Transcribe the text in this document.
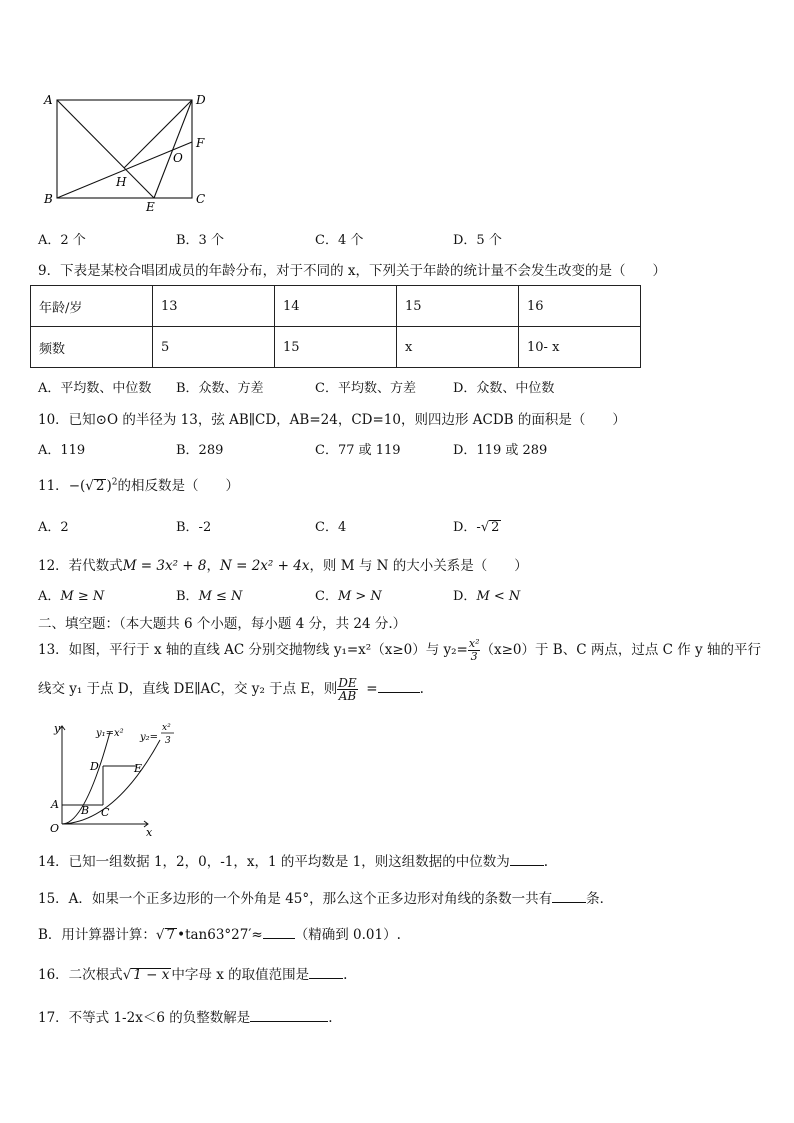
A	D
F
O
H
B	C
E
A．2 个	B．3 个	C．4 个	D．5 个
9．下表是某校合唱团成员的年龄分布，对于不同的 x，下列关于年龄的统计量不会发生改变的是（　　）
年龄/岁	13	14	15	16
频数	5	15	x	10- x
A．平均数、中位数 B．众数、方差	C．平均数、方差	D．众数、中位数
10．已知⊙O 的半径为 13，弦 AB∥CD，AB=24，CD=10，则四边形 ACDB 的面积是（　　）
A．119	B．289	C．77 或 119	D．119 或 289
11．−(√ 2 )$^2$的相反数是（　　）
A．2	B．-2	C．4	D．-√ 2
12．若代数式M = 3x² + 8，N = 2x² + 4x，则 M 与 N 的大小关系是（　　）
A．M ≥ N	B．M ≤ N	C．M > N	D．M < N
二、填空题：（本大题共 6 个小题，每小题 4 分，共 24 分.）
13．如图，平行于 x 轴的直线 AC 分别交抛物线 y₁=x²（x≥0）与 $y_2= \frac{\text{x²}}{3} (x\ge 0)$于 B、C 两点，过点 C 作 y 轴的平行
线交 y₁ 于点 D，直线 DE∥AC，交 y₂ 于点 E，则 $\frac{DE}{AB}$ =	.
y
x
O
A B C
D	E
y₁=x² y₂=
x²
3
14．已知一组数据 1，2，0，-1，x，1 的平均数是 1，则这组数据的中位数为	.
15．A．如果一个正多边形的一个外角是 45°，那么这个正多边形对角线的条数一共有	条．
B．用计算器计算：√ 7 •tan63°27′≈ （精确到 0.01）.
16．二次根式√ 1 − x 中字母 x 的取值范围是	.
17．不等式 1-2x＜6 的负整数解是	.
